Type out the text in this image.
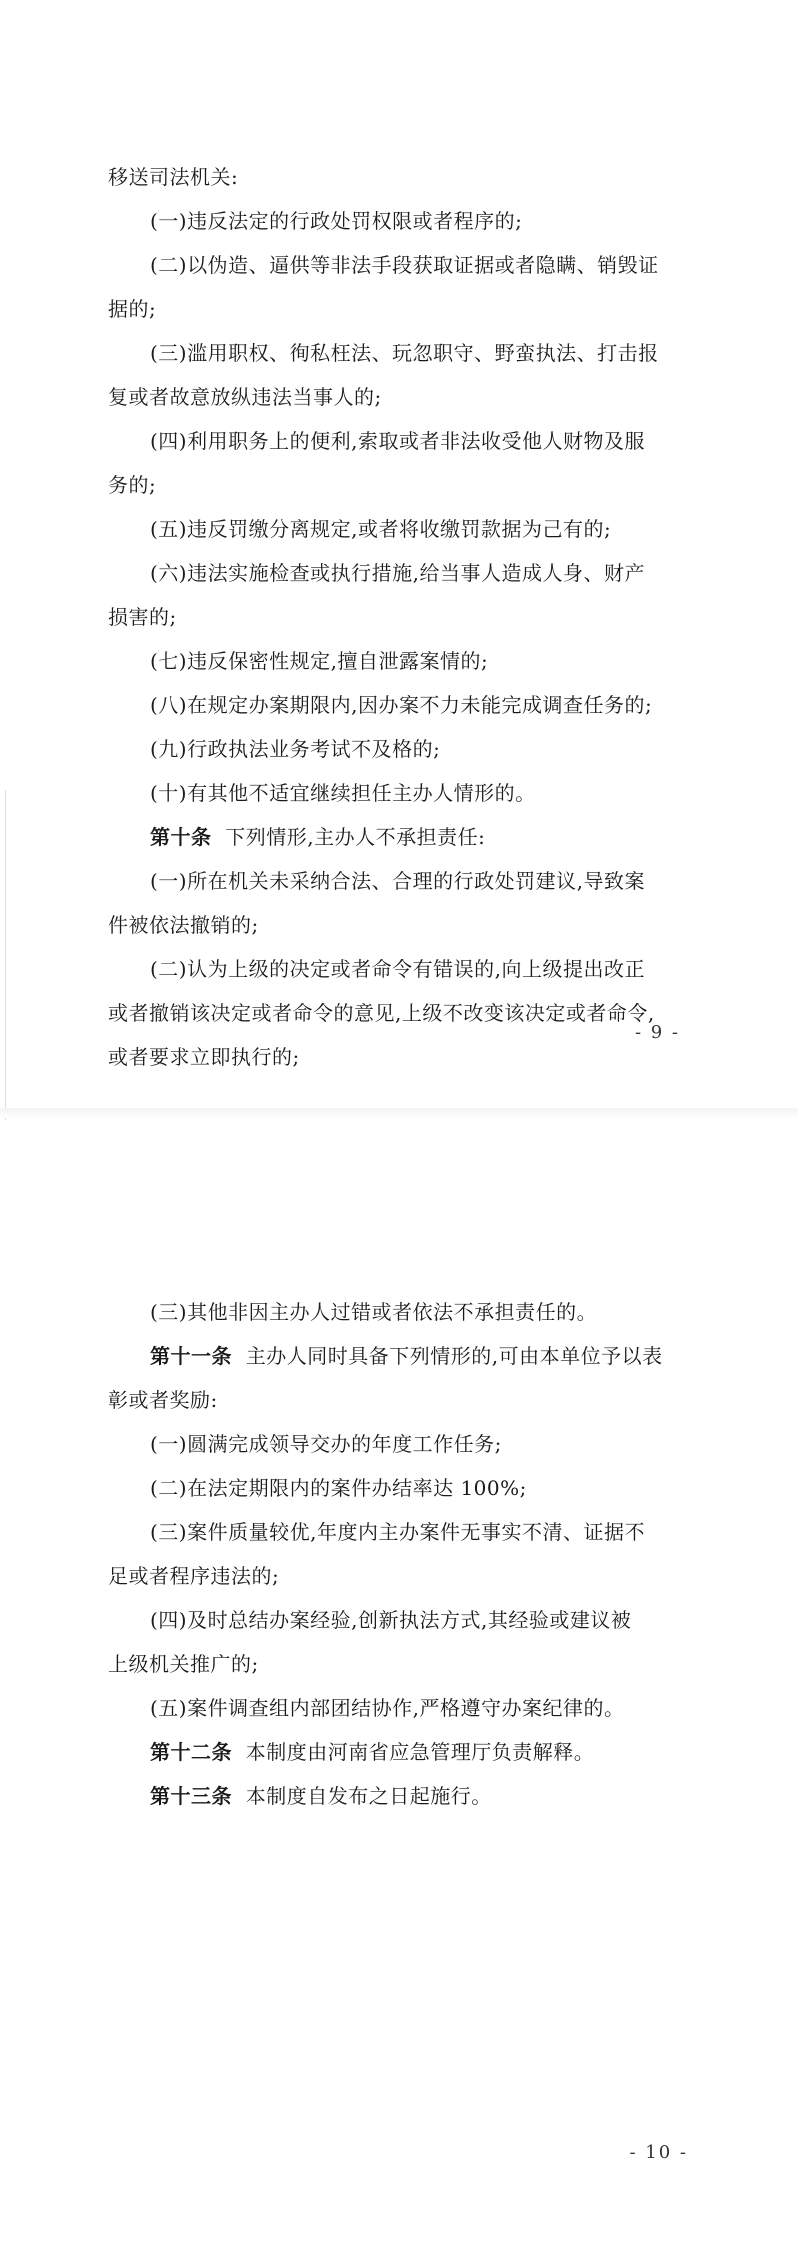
移送司法机关:
(一)违反法定的行政处罚权限或者程序的;
(二)以伪造、逼供等非法手段获取证据或者隐瞒、销毁证
据的;
(三)滥用职权、徇私枉法、玩忽职守、野蛮执法、打击报
复或者故意放纵违法当事人的;
(四)利用职务上的便利,索取或者非法收受他人财物及服
务的;
(五)违反罚缴分离规定,或者将收缴罚款据为己有的;
(六)违法实施检查或执行措施,给当事人造成人身、财产
损害的;
(七)违反保密性规定,擅自泄露案情的;
(八)在规定办案期限内,因办案不力未能完成调查任务的;
(九)行政执法业务考试不及格的;
(十)有其他不适宜继续担任主办人情形的。
第十条 下列情形,主办人不承担责任:
(一)所在机关未采纳合法、合理的行政处罚建议,导致案
件被依法撤销的;
(二)认为上级的决定或者命令有错误的,向上级提出改正
或者撤销该决定或者命令的意见,上级不改变该决定或者命令,
或者要求立即执行的;
- 9 -
(三)其他非因主办人过错或者依法不承担责任的。
第十一条 主办人同时具备下列情形的,可由本单位予以表
彰或者奖励:
(一)圆满完成领导交办的年度工作任务;
(二)在法定期限内的案件办结率达 100%;
(三)案件质量较优,年度内主办案件无事实不清、证据不
足或者程序违法的;
(四)及时总结办案经验,创新执法方式,其经验或建议被
上级机关推广的;
(五)案件调查组内部团结协作,严格遵守办案纪律的。
第十二条 本制度由河南省应急管理厅负责解释。
第十三条 本制度自发布之日起施行。
- 10 -
